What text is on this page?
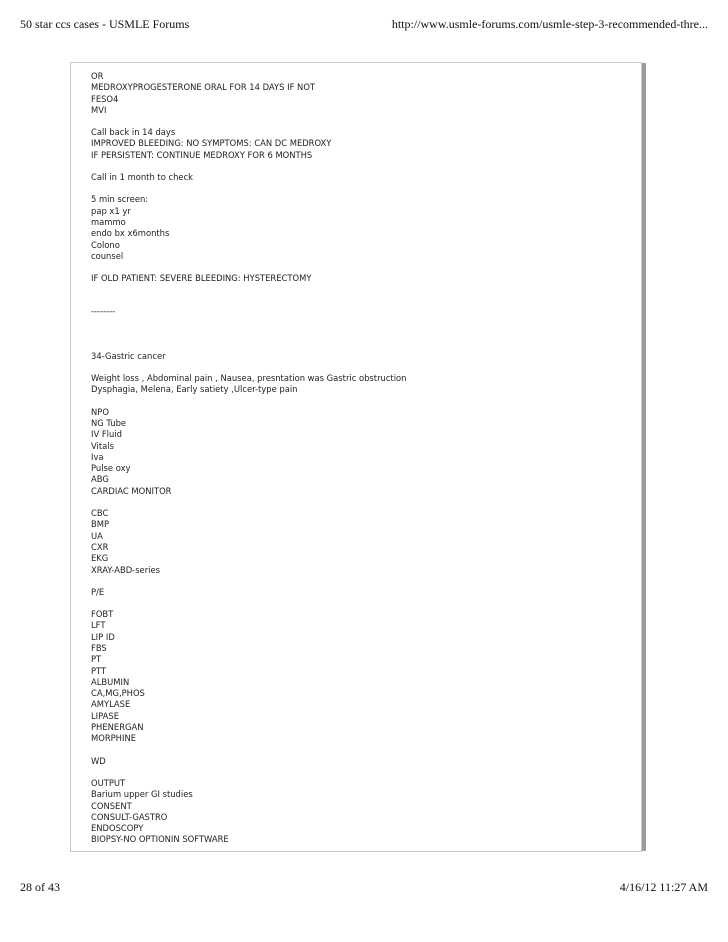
50 star ccs cases - USMLE Forums	http://www.usmle-forums.com/usmle-step-3-recommended-thre...
OR
MEDROXYPROGESTERONE ORAL FOR 14 DAYS IF NOT
FESO4
MVI
Call back in 14 days
IMPROVED BLEEDING: NO SYMPTOMS: CAN DC MEDROXY
IF PERSISTENT: CONTINUE MEDROXY FOR 6 MONTHS
Call in 1 month to check
5 min screen:
pap x1 yr
mammo
endo bx x6months
Colono
counsel
IF OLD PATIENT: SEVERE BLEEDING: HYSTERECTOMY
--------
34-Gastric cancer
Weight loss , Abdominal pain , Nausea, presntation was Gastric obstruction
Dysphagia, Melena, Early satiety ,Ulcer-type pain
NPO
NG Tube
IV Fluid
Vitals
Iva
Pulse oxy
ABG
CARDIAC MONITOR
CBC
BMP
UA
CXR
EKG
XRAY-ABD-series
P/E
FOBT
LFT
LIP ID
FBS
PT
PTT
ALBUMIN
CA,MG,PHOS
AMYLASE
LIPASE
PHENERGAN
MORPHINE
WD
OUTPUT
Barium upper GI studies
CONSENT
CONSULT-GASTRO
ENDOSCOPY
BIOPSY-NO OPTIONIN SOFTWARE
28 of 43	4/16/12 11:27 AM
